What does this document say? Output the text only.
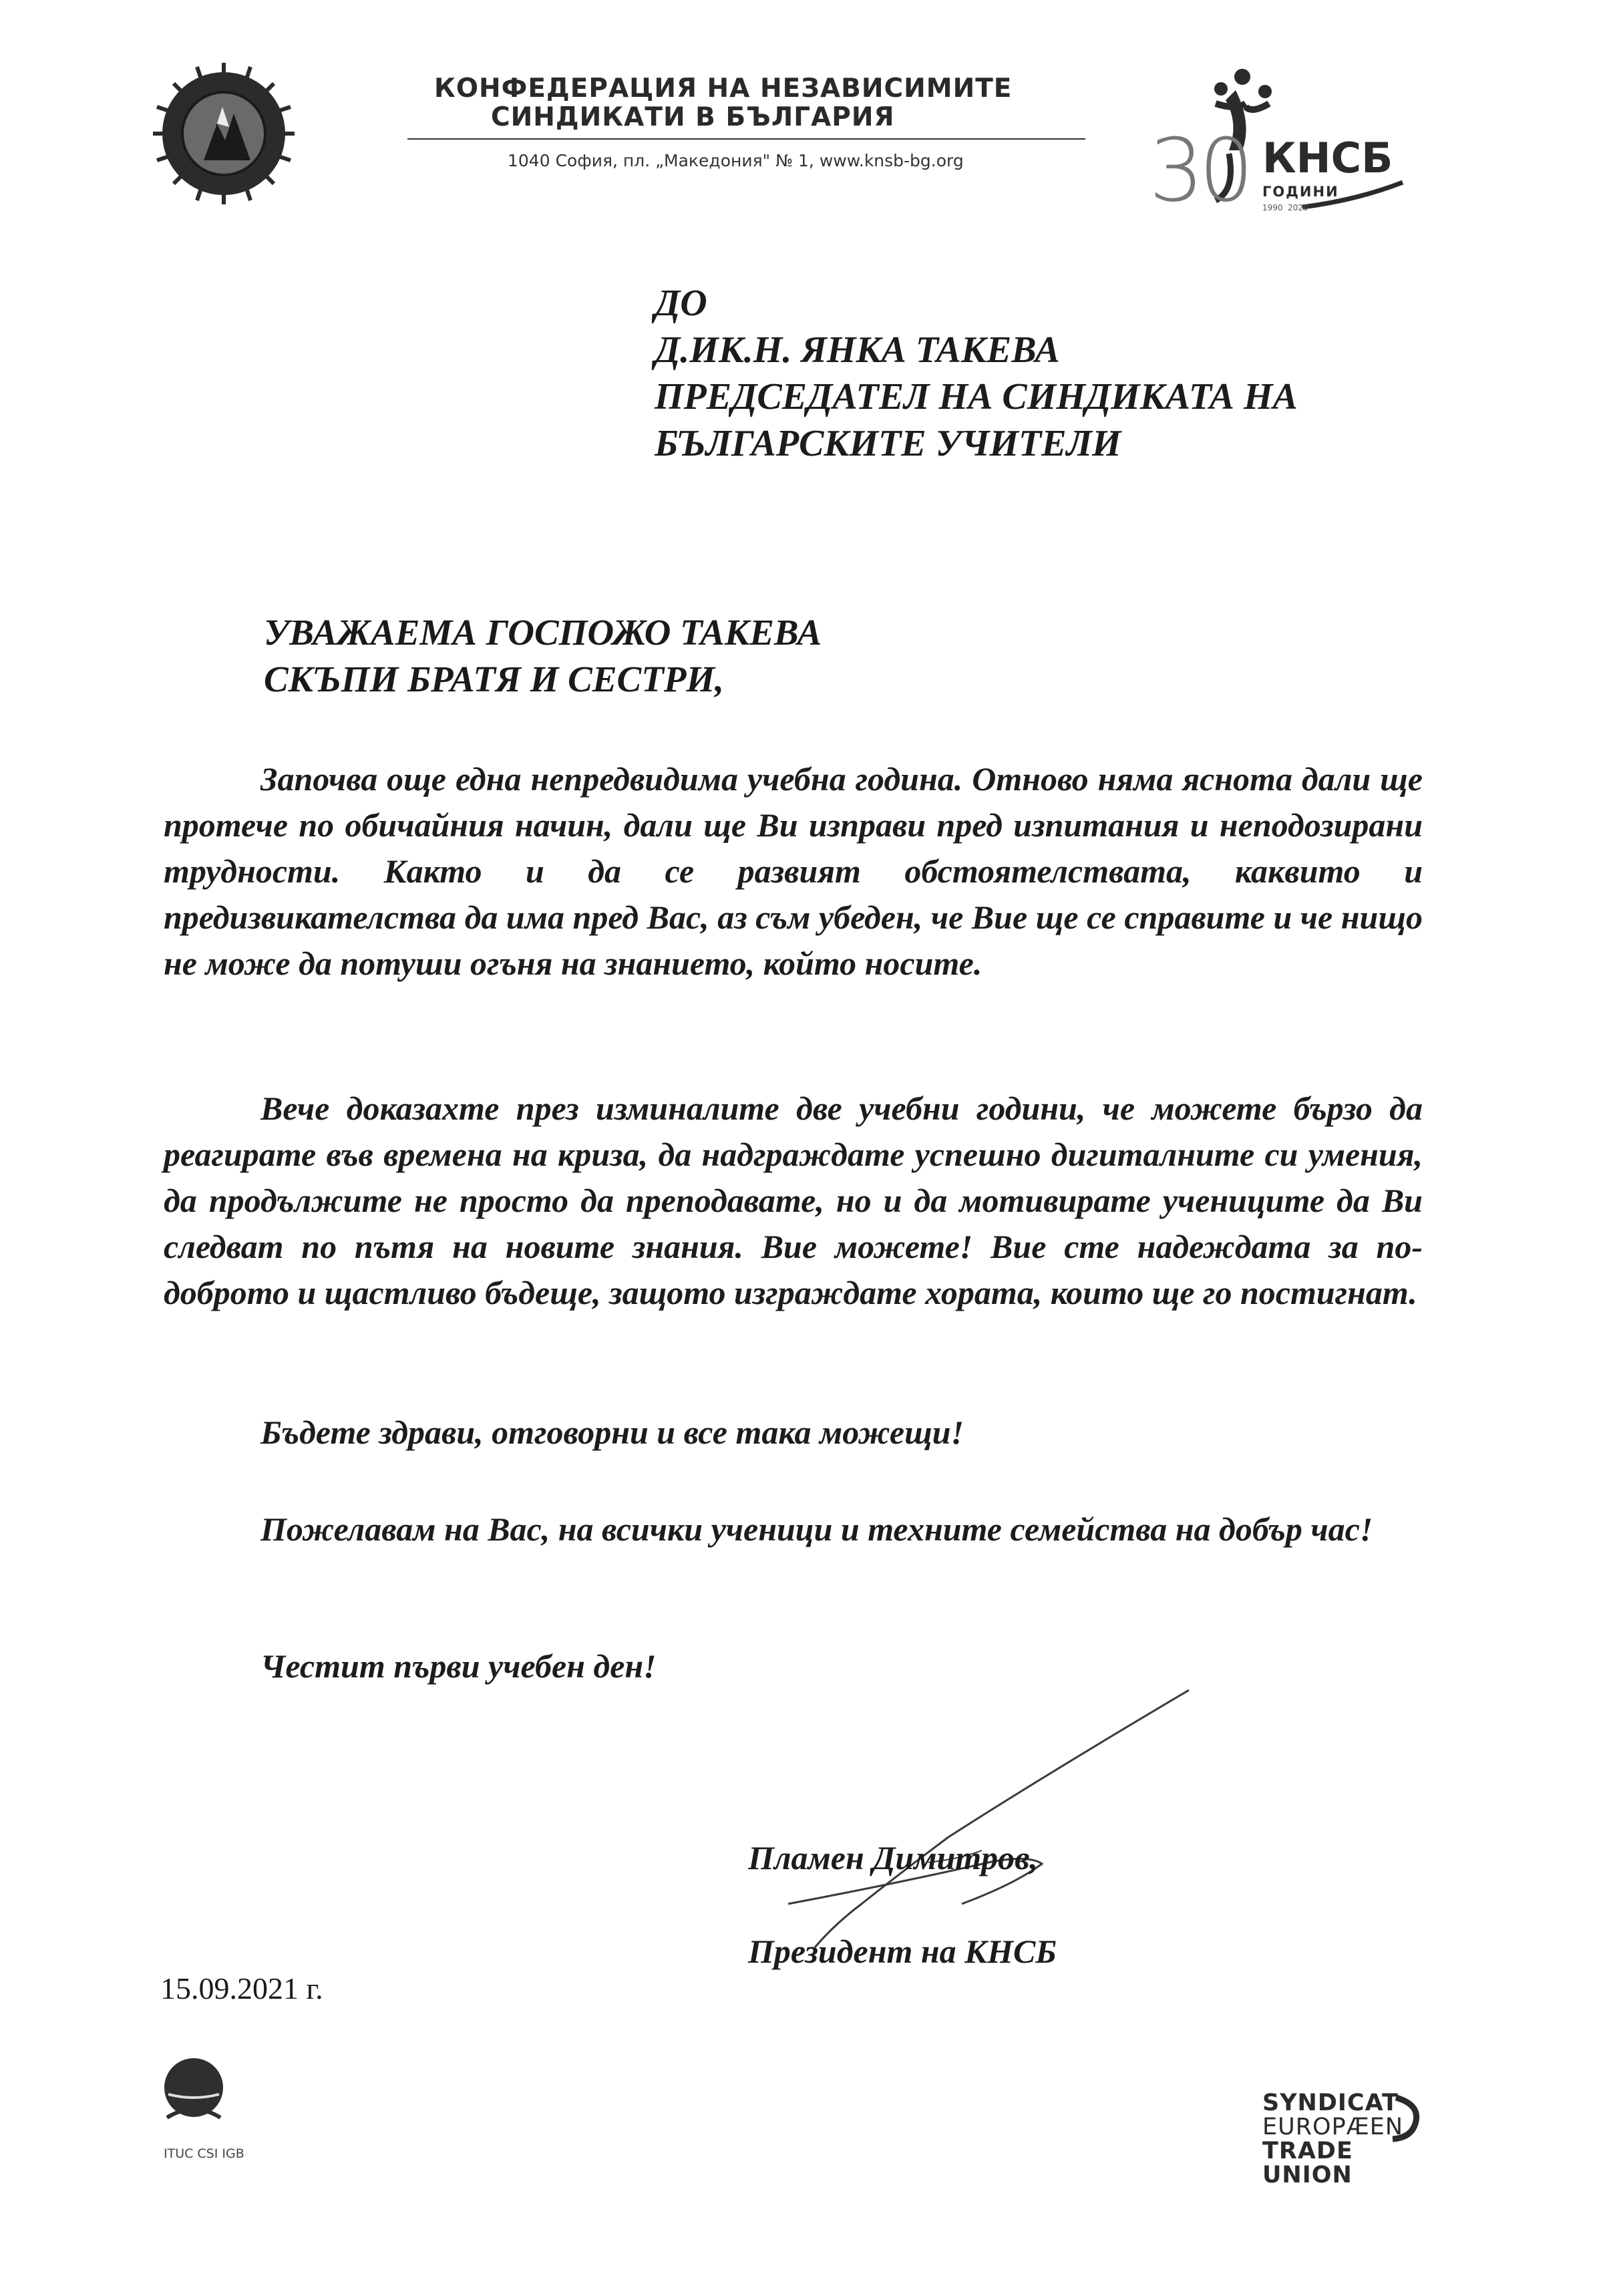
КОНФЕДЕРАЦИЯ НА НЕЗАВИСИМИТЕ
СИНДИКАТИ В БЪЛГАРИЯ
1040 София, пл. „Македония" № 1, www.knsb-bg.org 30 КНСБ
ГОДИНИ
1990  2020
ДО
Д.ИК.Н. ЯНКА ТАКЕВА
ПРЕДСЕДАТЕЛ НА СИНДИКАТА НА
БЪЛГАРСКИТЕ УЧИТЕЛИ
УВАЖАЕМА ГОСПОЖО ТАКЕВА
СКЪПИ БРАТЯ И СЕСТРИ,
Започва още една непредвидима учебна година. Отново няма яснота дали ще протече по обичайния начин, дали ще Ви изправи пред изпитания и неподозирани трудности. Както и да се развият обстоятелствата, каквито и предизвикателства да има пред Вас, аз съм убеден, че Вие ще се справите и че нищо не може да потуши огъня на знанието, който носите.
Вече доказахте през изминалите две учебни години, че можете бързо да реагирате във времена на криза, да надграждате успешно дигиталните си умения, да продължите не просто да преподавате, но и да мотивирате учениците да Ви следват по пътя на новите знания. Вие можете! Вие сте надеждата за по-доброто и щастливо бъдеще, защото изграждате хората, които ще го постигнат.
Бъдете здрави, отговорни и все така можещи!
Пожелавам на Вас, на всички ученици и техните семейства на добър час!
Честит първи учебен ден!
Пламен Димитров,
Президент на КНСБ
15.09.2021 г.
ITUC CSI IGB
SYNDICAT
EUROPÆEN
TRADE UNION
